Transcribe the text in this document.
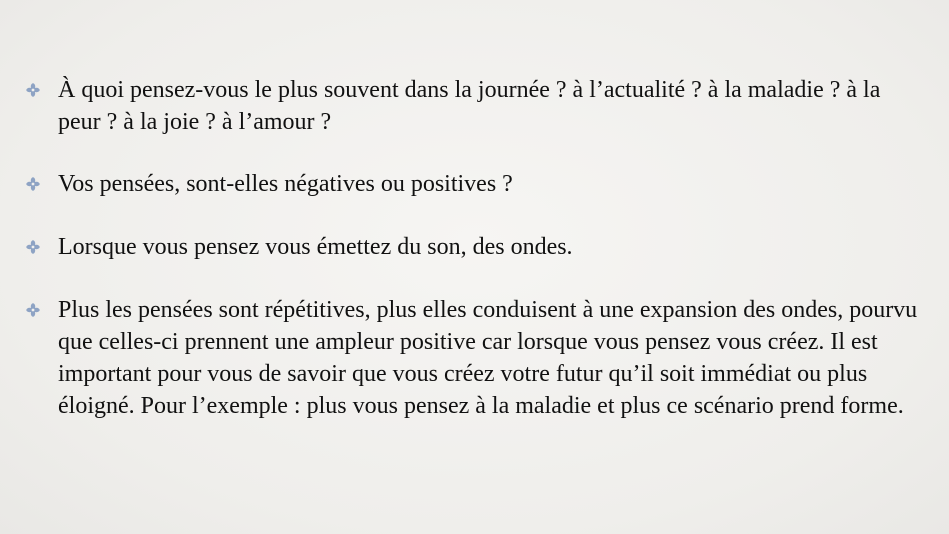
À quoi pensez-vous le plus souvent dans la journée ? à l’actualité ? à la maladie ? à la peur ? à la joie ? à l’amour ?
Vos pensées, sont-elles négatives ou positives ?
Lorsque vous pensez vous émettez du son, des ondes.
Plus les pensées sont répétitives, plus elles conduisent à une expansion des ondes, pourvu que celles-ci prennent une ampleur positive car lorsque vous pensez vous créez. Il est important pour vous de savoir que vous créez votre futur qu’il soit immédiat ou plus éloigné. Pour l’exemple : plus vous pensez à la maladie et plus ce scénario prend forme.
